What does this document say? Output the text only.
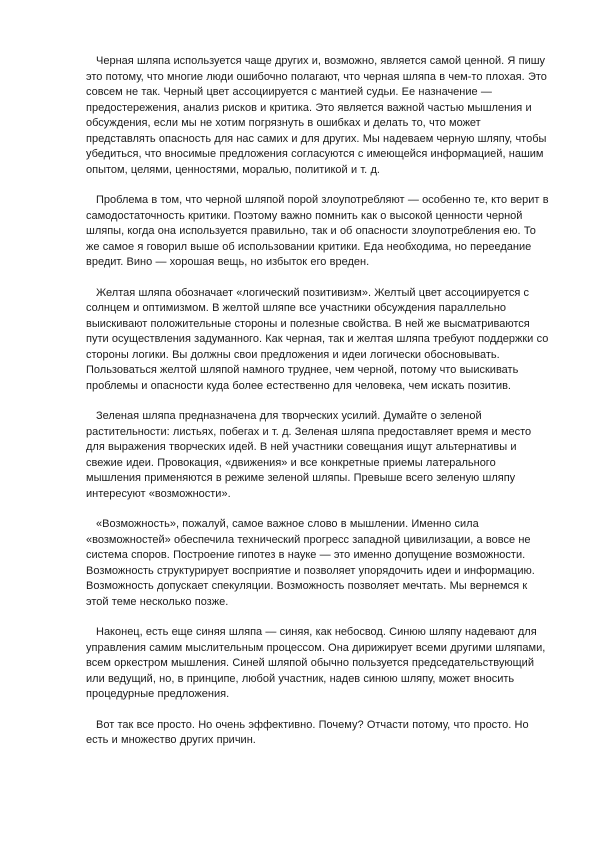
Черная шляпа используется чаще других и, возможно, является самой ценной. Я пишу это потому, что многие люди ошибочно полагают, что черная шляпа в чем-то плохая. Это совсем не так. Черный цвет ассоциируется с мантией судьи. Ее назначение — предостережения, анализ рисков и критика. Это является важной частью мышления и обсуждения, если мы не хотим погрязнуть в ошибках и делать то, что может представлять опасность для нас самих и для других. Мы надеваем черную шляпу, чтобы убедиться, что вносимые предложения согласуются с имеющейся информацией, нашим опытом, целями, ценностями, моралью, политикой и т. д.

Проблема в том, что черной шляпой порой злоупотребляют — особенно те, кто верит в самодостаточность критики. Поэтому важно помнить как о высокой ценности черной шляпы, когда она используется правильно, так и об опасности злоупотребления ею. То же самое я говорил выше об использовании критики. Еда необходима, но переедание вредит. Вино — хорошая вещь, но избыток его вреден.

Желтая шляпа обозначает «логический позитивизм». Желтый цвет ассоциируется с солнцем и оптимизмом. В желтой шляпе все участники обсуждения параллельно выискивают положительные стороны и полезные свойства. В ней же высматриваются пути осуществления задуманного. Как черная, так и желтая шляпа требуют поддержки со стороны логики. Вы должны свои предложения и идеи логически обосновывать. Пользоваться желтой шляпой намного труднее, чем черной, потому что выискивать проблемы и опасности куда более естественно для человека, чем искать позитив.

Зеленая шляпа предназначена для творческих усилий. Думайте о зеленой растительности: листьях, побегах и т. д. Зеленая шляпа предоставляет время и место для выражения творческих идей. В ней участники совещания ищут альтернативы и свежие идеи. Провокация, «движения» и все конкретные приемы латерального мышления применяются в режиме зеленой шляпы. Превыше всего зеленую шляпу интересуют «возможности».

«Возможность», пожалуй, самое важное слово в мышлении. Именно сила «возможностей» обеспечила технический прогресс западной цивилизации, а вовсе не система споров. Построение гипотез в науке — это именно допущение возможности. Возможность структурирует восприятие и позволяет упорядочить идеи и информацию. Возможность допускает спекуляции. Возможность позволяет мечтать. Мы вернемся к этой теме несколько позже.

Наконец, есть еще синяя шляпа — синяя, как небосвод. Синюю шляпу надевают для управления самим мыслительным процессом. Она дирижирует всеми другими шляпами, всем оркестром мышления. Синей шляпой обычно пользуется председательствующий или ведущий, но, в принципе, любой участник, надев синюю шляпу, может вносить процедурные предложения.

Вот так все просто. Но очень эффективно. Почему? Отчасти потому, что просто. Но есть и множество других причин.
